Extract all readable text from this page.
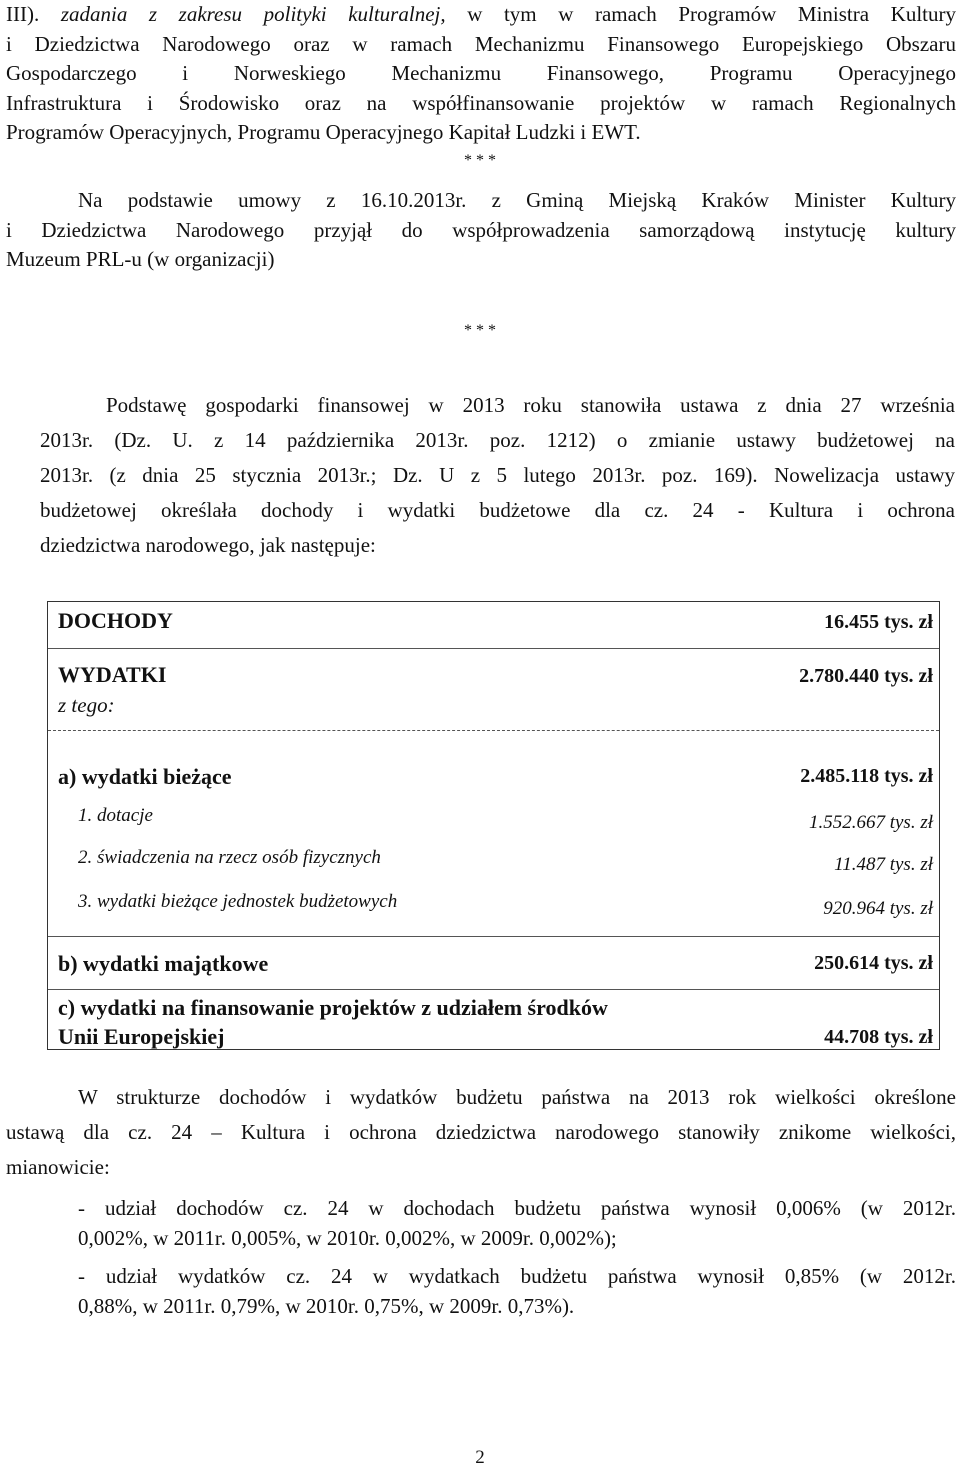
III). zadania z zakresu polityki kulturalnej, w tym w ramach Programów Ministra Kultury
i Dziedzictwa Narodowego oraz w ramach Mechanizmu Finansowego Europejskiego Obszaru
Gospodarczego i Norweskiego Mechanizmu Finansowego, Programu Operacyjnego
Infrastruktura i Środowisko oraz na współfinansowanie projektów w ramach Regionalnych
Programów Operacyjnych, Programu Operacyjnego Kapitał Ludzki i EWT.
* * *
Na podstawie umowy z 16.10.2013r. z Gminą Miejską Kraków Minister Kultury
i Dziedzictwa Narodowego przyjął do współprowadzenia samorządową instytucję kultury
Muzeum PRL-u (w organizacji)
* * *
Podstawę gospodarki finansowej w 2013 roku stanowiła ustawa z dnia 27 września
2013r. (Dz. U. z 14 października 2013r. poz. 1212) o zmianie ustawy budżetowej na
2013r. (z dnia 25 stycznia 2013r.; Dz. U z 5 lutego 2013r. poz. 169). Nowelizacja ustawy
budżetowej określała dochody i wydatki budżetowe dla cz. 24 - Kultura i ochrona
dziedzictwa narodowego, jak następuje:
DOCHODY	16.455 tys. zł
WYDATKI	2.780.440 tys. zł
z tego:
a) wydatki bieżące	2.485.118 tys. zł
1. dotacje	1.552.667 tys. zł
2. świadczenia na rzecz osób fizycznych	11.487 tys. zł
3. wydatki bieżące jednostek budżetowych	920.964 tys. zł
b) wydatki majątkowe	250.614 tys. zł
c) wydatki na finansowanie projektów z udziałem środków
Unii Europejskiej	44.708 tys. zł
W strukturze dochodów i wydatków budżetu państwa na 2013 rok wielkości określone
ustawą dla cz. 24 – Kultura i ochrona dziedzictwa narodowego stanowiły znikome wielkości,
mianowicie:
- udział dochodów cz. 24 w dochodach budżetu państwa wynosił 0,006% (w 2012r.
0,002%, w 2011r. 0,005%, w 2010r. 0,002%, w 2009r. 0,002%);
- udział wydatków cz. 24 w wydatkach budżetu państwa wynosił 0,85% (w 2012r.
0,88%, w 2011r. 0,79%, w 2010r. 0,75%, w 2009r. 0,73%).
2
